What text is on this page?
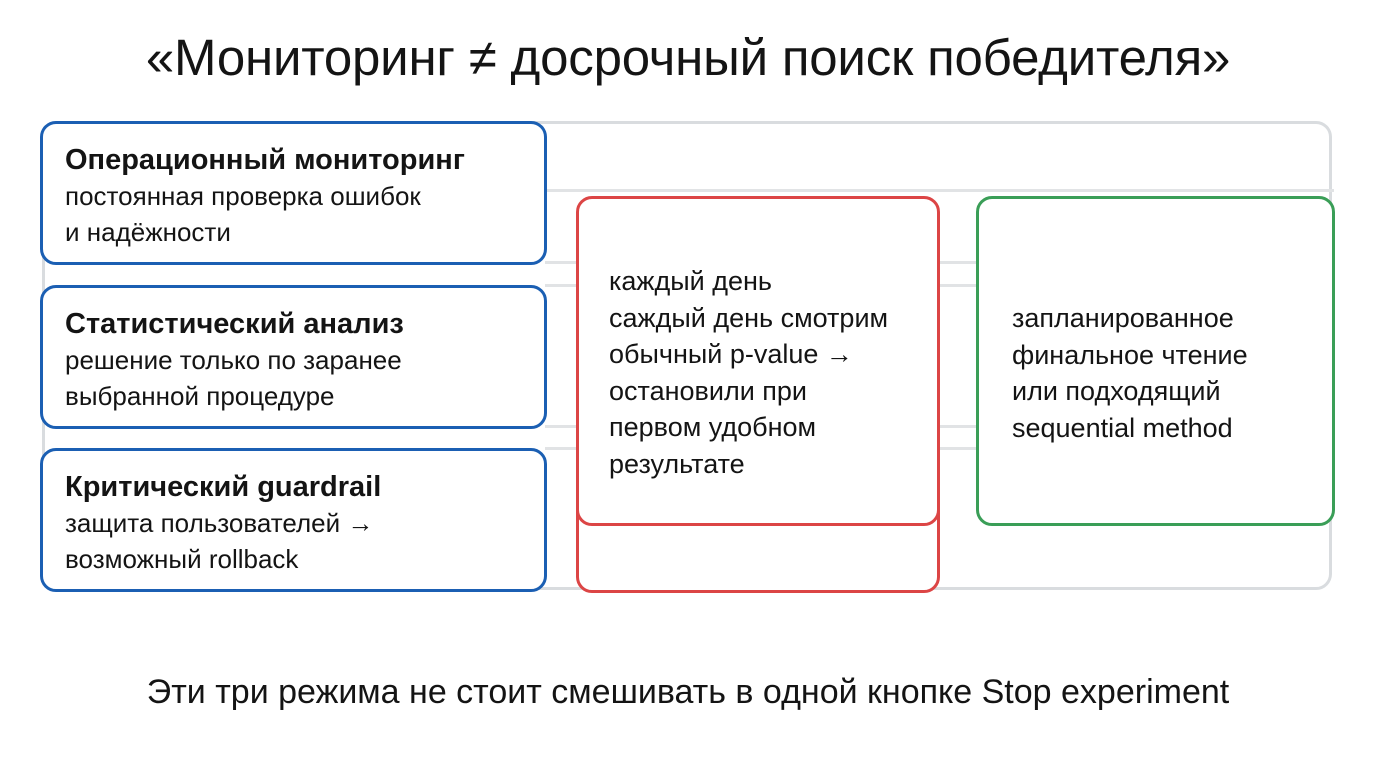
«Мониторинг ≠ досрочный поиск победителя»
Операционный мониторинг
постоянная проверка ошибок
и надёжности
Статистический анализ
решение только по заранее
выбранной процедуре
Критический guardrail
защита пользователей →
возможный rollback
каждый день
саждый день смотрим
обычный p-value →
остановили при
первом удобном
результате
запланированное
финальное чтение
или подходящий
sequential method
Эти три режима не стоит смешивать в одной кнопке Stop experiment
